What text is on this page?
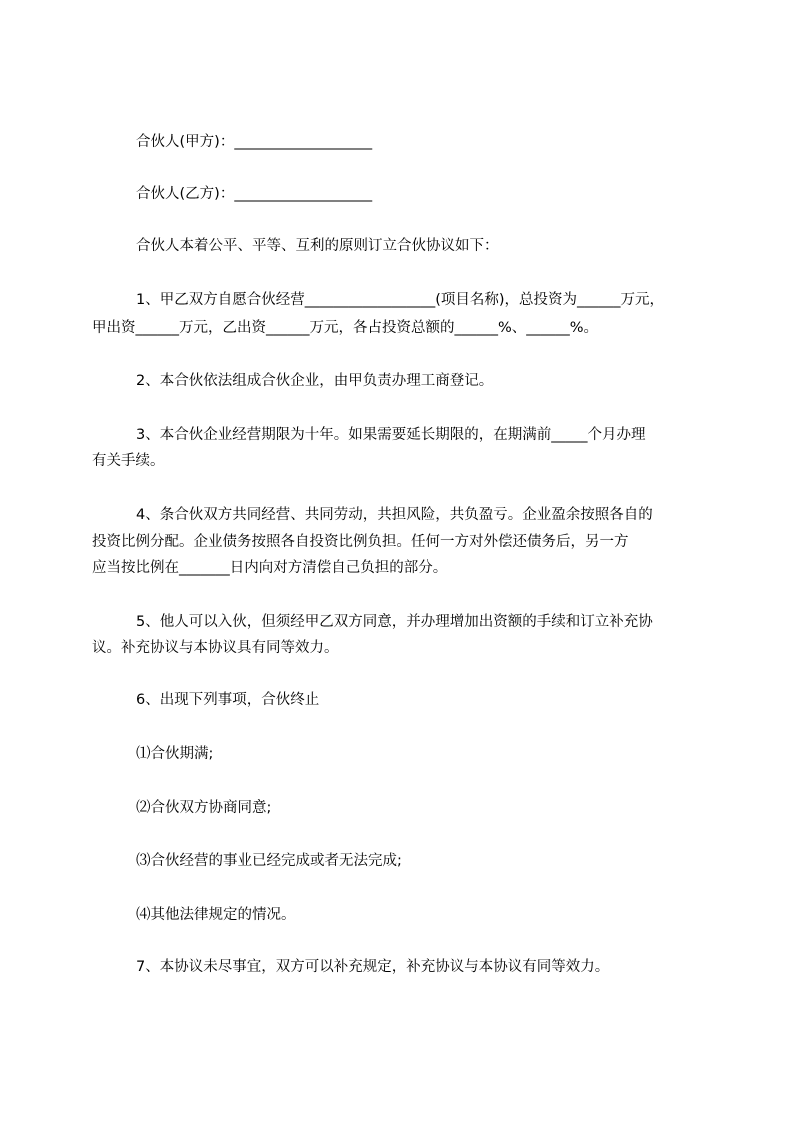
合伙人(甲方)：___________________
合伙人(乙方)：___________________
合伙人本着公平、平等、互利的原则订立合伙协议如下：
1、甲乙双方自愿合伙经营__________________(项目名称)，总投资为______万元，
甲出资______万元，乙出资______万元，各占投资总额的______%、______%。
2、本合伙依法组成合伙企业，由甲负责办理工商登记。
3、本合伙企业经营期限为十年。如果需要延长期限的，在期满前_____个月办理
有关手续。
4、条合伙双方共同经营、共同劳动，共担风险，共负盈亏。企业盈余按照各自的
投资比例分配。企业债务按照各自投资比例负担。任何一方对外偿还债务后，另一方
应当按比例在_______日内向对方清偿自己负担的部分。
5、他人可以入伙，但须经甲乙双方同意，并办理增加出资额的手续和订立补充协
议。补充协议与本协议具有同等效力。
6、出现下列事项，合伙终止
⑴合伙期满;
⑵合伙双方协商同意;
⑶合伙经营的事业已经完成或者无法完成;
⑷其他法律规定的情况。
7、本协议未尽事宜，双方可以补充规定，补充协议与本协议有同等效力。
